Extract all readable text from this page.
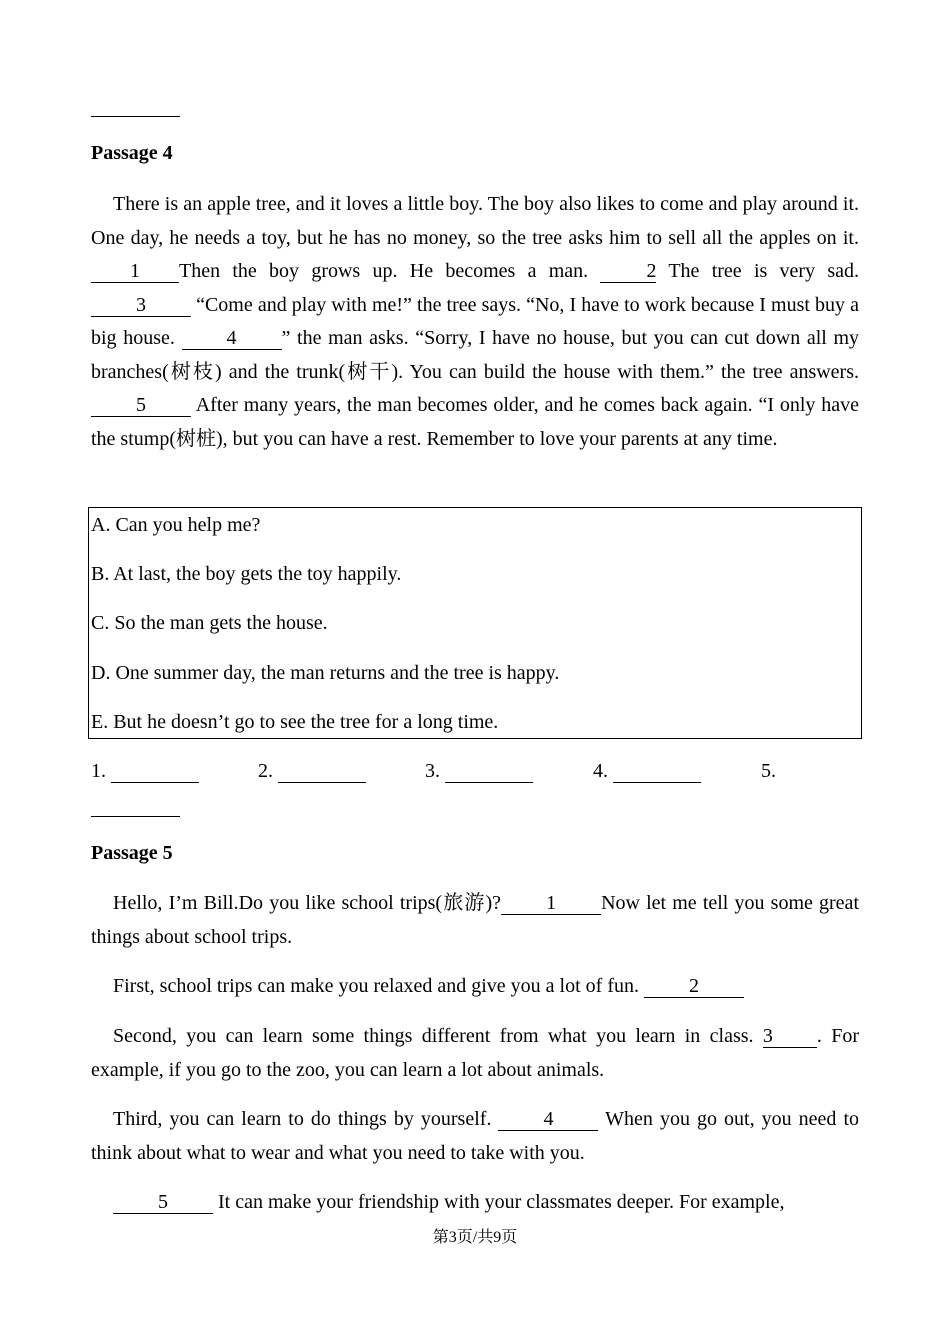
Passage 4

There is an apple tree, and it loves a little boy. The boy also likes to come and play around it. One day, he needs a toy, but he has no money, so the tree asks him to sell all the apples on it. 1 Then the boy grows up. He becomes a man.	2 The tree is very sad. 3	“Come and play with me!” the tree says. “No, I have to work because I must buy a big house.	4 ” the man asks. “Sorry, I have no house, but you can cut down all my branches(树枝) and the trunk(树干). You can build the house with them.” the tree answers. 5 After many years, the man becomes older, and he comes back again. “I only have the stump(树桩), but you can have a rest. Remember to love your parents at any time.

A. Can you help me?
B. At last, the boy gets the toy happily.
C. So the man gets the house.
D. One summer day, the man returns and the tree is happy.
E. But he doesn’t go to see the tree for a long time.
1.	2.	3.	4.	5.
Passage 5

Hello, I’m Bill.Do you like school trips(旅游)? 1 Now let me tell you some great things about school trips.

First, school trips can make you relaxed and give you a lot of fun.	2

Second, you can learn some things different from what you learn in class. 3 . For example, if you go to the zoo, you can learn a lot about animals.

Third, you can learn to do things by yourself.	4	When you go out, you need to think about what to wear and what you need to take with you.

5	It can make your friendship with your classmates deeper. For example,

第3页/共9页
